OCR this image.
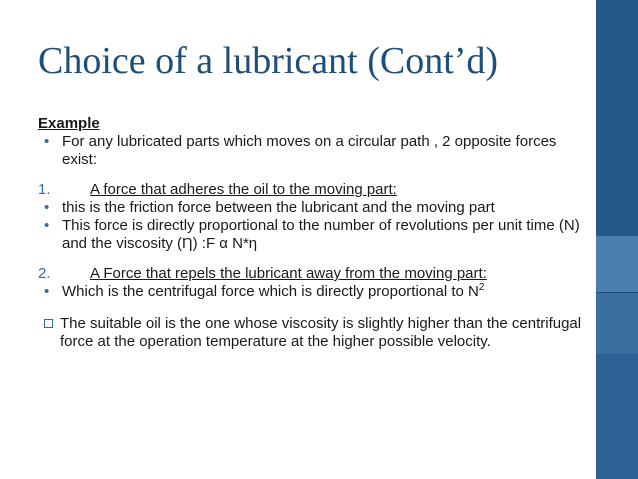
Choice of a lubricant (Cont’d)
Example
• For any lubricated parts which moves on a circular path , 2 opposite forces exist:
1.	A force that adheres the oil to the moving part:
• this is the friction force between the lubricant and the moving part
• This force is directly proportional to the number of revolutions per unit time (N) and the viscosity (Ƞ) :F α N*η
2.	A Force that repels the lubricant away from the moving part:
• Which is the centrifugal force which is directly proportional to $N^2$
The suitable oil is the one whose viscosity is slightly higher than the centrifugal force at the operation temperature at the higher possible velocity.
